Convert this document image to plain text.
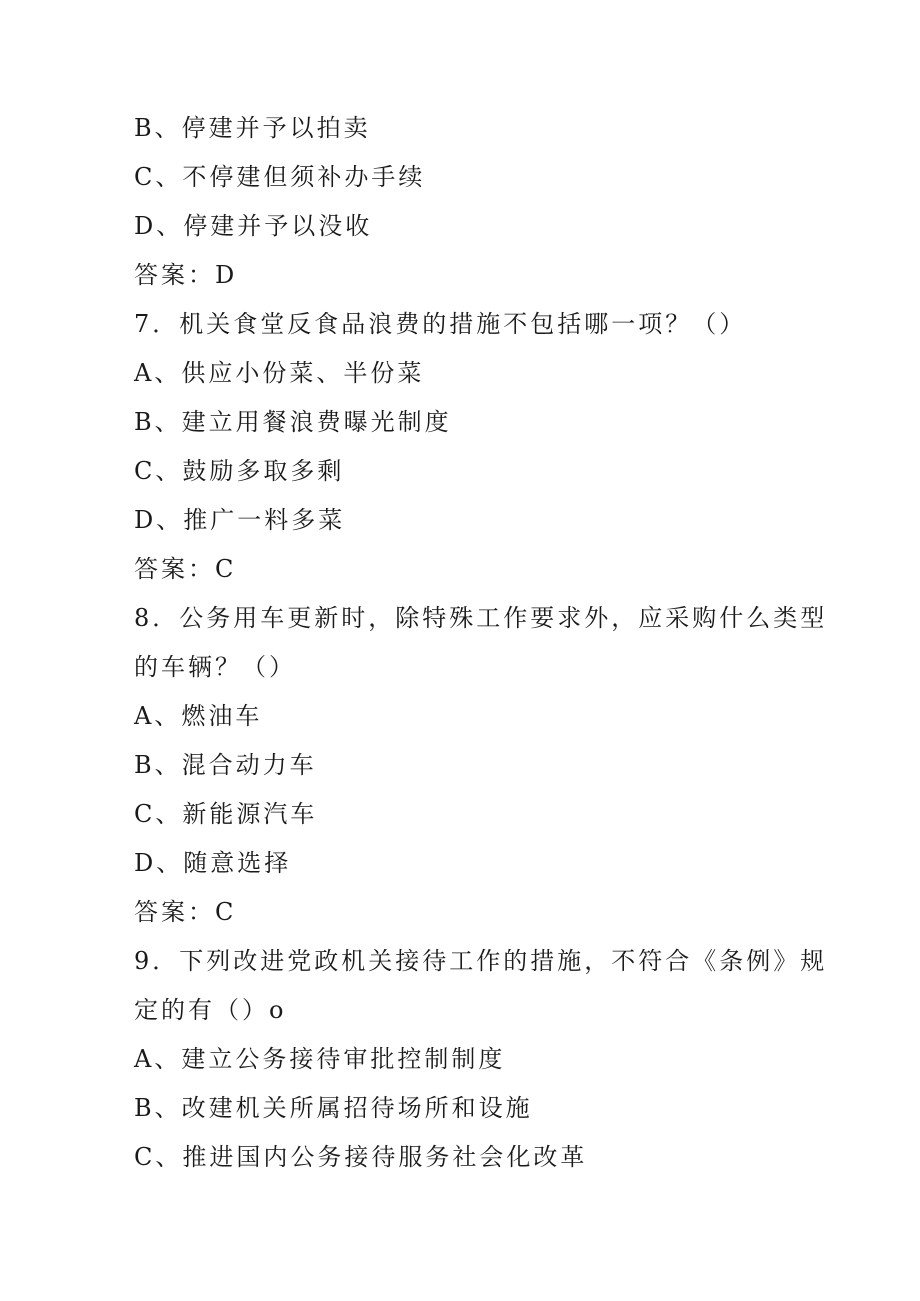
B、停建并予以拍卖
C、不停建但须补办手续
D、停建并予以没收
答案：D
7．机关食堂反食品浪费的措施不包括哪一项？（）
A、供应小份菜、半份菜
B、建立用餐浪费曝光制度
C、鼓励多取多剩
D、推广一料多菜
答案：C
8．公务用车更新时，除特殊工作要求外，应采购什么类型
的车辆？（）
A、燃油车
B、混合动力车
C、新能源汽车
D、随意选择
答案：C
9．下列改进党政机关接待工作的措施，不符合《条例》规
定的有（）o
A、建立公务接待审批控制制度
B、改建机关所属招待场所和设施
C、推进国内公务接待服务社会化改革
